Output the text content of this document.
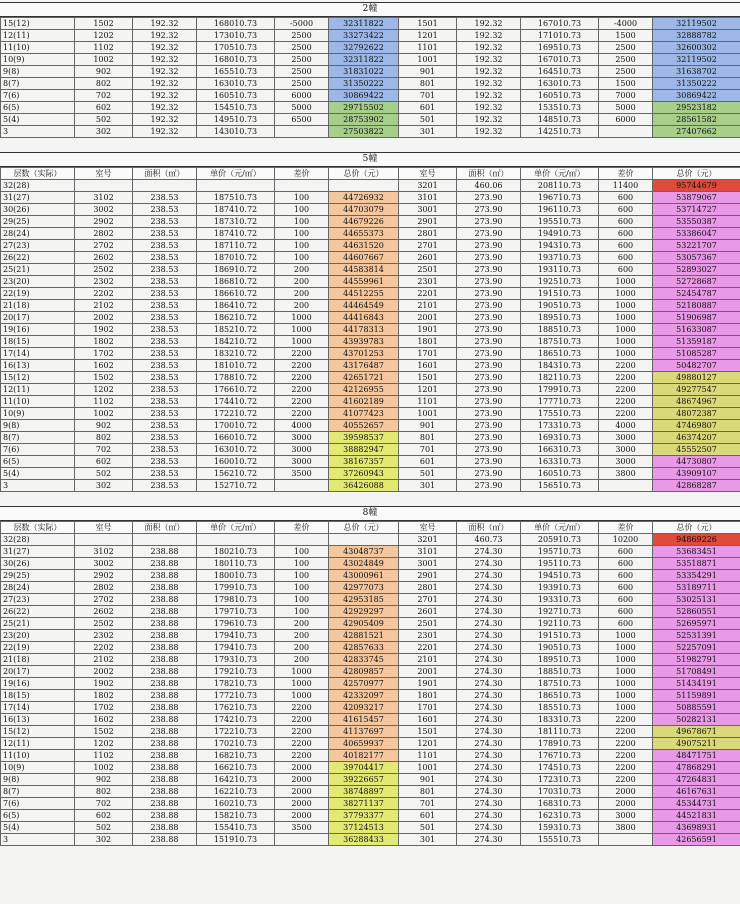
2幢
15(12)	1502	192.32	168010.73	-5000	32311822	1501	192.32	167010.73	-4000	32119502
12(11)	1202	192.32	173010.73	2500	33273422	1201	192.32	171010.73	1500	32888782
11(10)	1102	192.32	170510.73	2500	32792622	1101	192.32	169510.73	2500	32600302
10(9)	1002	192.32	168010.73	2500	32311822	1001	192.32	167010.73	2500	32119502
9(8)	902	192.32	165510.73	2500	31831022	901	192.32	164510.73	2500	31638702
8(7)	802	192.32	163010.73	2500	31350222	801	192.32	163010.73	1500	31350222
7(6)	702	192.32	160510.73	6000	30869422	701	192.32	160510.73	7000	30869422
6(5)	602	192.32	154510.73	5000	29715502	601	192.32	153510.73	5000	29523182
5(4)	502	192.32	149510.73	6500	28753902	501	192.32	148510.73	6000	28561582
3	302	192.32	143010.73		27503822	301	192.32	142510.73		27407662
5幢
层数（实际）	室号	面积（㎡）	单价（元/㎡）	差价	总价（元）	室号	面积（㎡）	单价（元/㎡）	差价	总价（元）
32(28)						3201	460.06	208110.73	11400	95744679
31(27)	3102	238.53	187510.73	100	44726932	3101	273.90	196710.73	600	53879067
30(26)	3002	238.53	187410.72	100	44703079	3001	273.90	196110.73	600	53714727
29(25)	2902	238.53	187310.72	100	44679226	2901	273.90	195510.73	600	53550387
28(24)	2802	238.53	187410.72	100	44655373	2801	273.90	194910.73	600	53386047
27(23)	2702	238.53	187110.72	100	44631520	2701	273.90	194310.73	600	53221707
26(22)	2602	238.53	187010.72	100	44607667	2601	273.90	193710.73	600	53057367
25(21)	2502	238.53	186910.72	200	44583814	2501	273.90	193110.73	600	52893027
23(20)	2302	238.53	186810.72	200	44559961	2301	273.90	192510.73	1000	52728687
22(19)	2202	238.53	186610.72	200	44512255	2201	273.90	191510.73	1000	52454787
21(18)	2102	238.53	186410.72	200	44464549	2101	273.90	190510.73	1000	52180887
20(17)	2002	238.53	186210.72	1000	44416843	2001	273.90	189510.73	1000	51906987
19(16)	1902	238.53	185210.72	1000	44178313	1901	273.90	188510.73	1000	51633087
18(15)	1802	238.53	184210.72	1000	43939783	1801	273.90	187510.73	1000	51359187
17(14)	1702	238.53	183210.72	2200	43701253	1701	273.90	186510.73	1000	51085287
16(13)	1602	238.53	181010.72	2200	43176487	1601	273.90	184310.73	2200	50482707
15(12)	1502	238.53	178810.72	2200	42651721	1501	273.90	182110.73	2200	49880127
12(11)	1202	238.53	176610.72	2200	42126955	1201	273.90	179910.73	2200	49277547
11(10)	1102	238.53	174410.72	2200	41602189	1101	273.90	177710.73	2200	48674967
10(9)	1002	238.53	172210.72	2200	41077423	1001	273.90	175510.73	2200	48072387
9(8)	902	238.53	170010.72	4000	40552657	901	273.90	173310.73	4000	47469807
8(7)	802	238.53	166010.72	3000	39598537	801	273.90	169310.73	3000	46374207
7(6)	702	238.53	163010.72	3000	38882947	701	273.90	166310.73	3000	45552507
6(5)	602	238.53	160010.72	3000	38167357	601	273.90	163310.73	3000	44730807
5(4)	502	238.53	156210.72	3500	37260943	501	273.90	160510.73	3800	43909107
3	302	238.53	152710.72		36426088	301	273.90	156510.73		42868287
8幢
层数（实际）	室号	面积（㎡）	单价（元/㎡）	差价	总价（元）	室号	面积（㎡）	单价（元/㎡）	差价	总价（元）
32(28)						3201	460.73	205910.73	10200	94869226
31(27)	3102	238.88	180210.73	100	43048737	3101	274.30	195710.73	600	53683451
30(26)	3002	238.88	180110.73	100	43024849	3001	274.30	195110.73	600	53518871
29(25)	2902	238.88	180010.73	100	43000961	2901	274.30	194510.73	600	53354291
28(24)	2802	238.88	179910.73	100	42977073	2801	274.30	193910.73	600	53189711
27(23)	2702	238.88	179810.73	100	42953185	2701	274.30	193310.73	600	53025131
26(22)	2602	238.88	179710.73	100	42929297	2601	274.30	192710.73	600	52860551
25(21)	2502	238.88	179610.73	200	42905409	2501	274.30	192110.73	600	52695971
23(20)	2302	238.88	179410.73	200	42881521	2301	274.30	191510.73	1000	52531391
22(19)	2202	238.88	179410.73	200	42857633	2201	274.30	190510.73	1000	52257091
21(18)	2102	238.88	179310.73	200	42833745	2101	274.30	189510.73	1000	51982791
20(17)	2002	238.88	179210.73	1000	42809857	2001	274.30	188510.73	1000	51708491
19(16)	1902	238.88	178210.73	1000	42570977	1901	274.30	187510.73	1000	51434191
18(15)	1802	238.88	177210.73	1000	42332097	1801	274.30	186510.73	1000	51159891
17(14)	1702	238.88	176210.73	2200	42093217	1701	274.30	185510.73	1000	50885591
16(13)	1602	238.88	174210.73	2200	41615457	1601	274.30	183310.73	2200	50282131
15(12)	1502	238.88	172210.73	2200	41137697	1501	274.30	181110.73	2200	49678671
12(11)	1202	238.88	170210.73	2200	40659937	1201	274.30	178910.73	2200	49075211
11(10)	1102	238.88	168210.73	2200	40182177	1101	274.30	176710.73	2200	48471751
10(9)	1002	238.88	166210.73	2000	39704417	1001	274.30	174510.73	2200	47868291
9(8)	902	238.88	164210.73	2000	39226657	901	274.30	172310.73	2200	47264831
8(7)	802	238.88	162210.73	2000	38748897	801	274.30	170310.73	2000	46167631
7(6)	702	238.88	160210.73	2000	38271137	701	274.30	168310.73	2000	45344731
6(5)	602	238.88	158210.73	2000	37793377	601	274.30	162310.73	3000	44521831
5(4)	502	238.88	155410.73	3500	37124513	501	274.30	159310.73	3800	43698931
3	302	238.88	151910.73		36288433	301	274.30	155510.73		42656591
